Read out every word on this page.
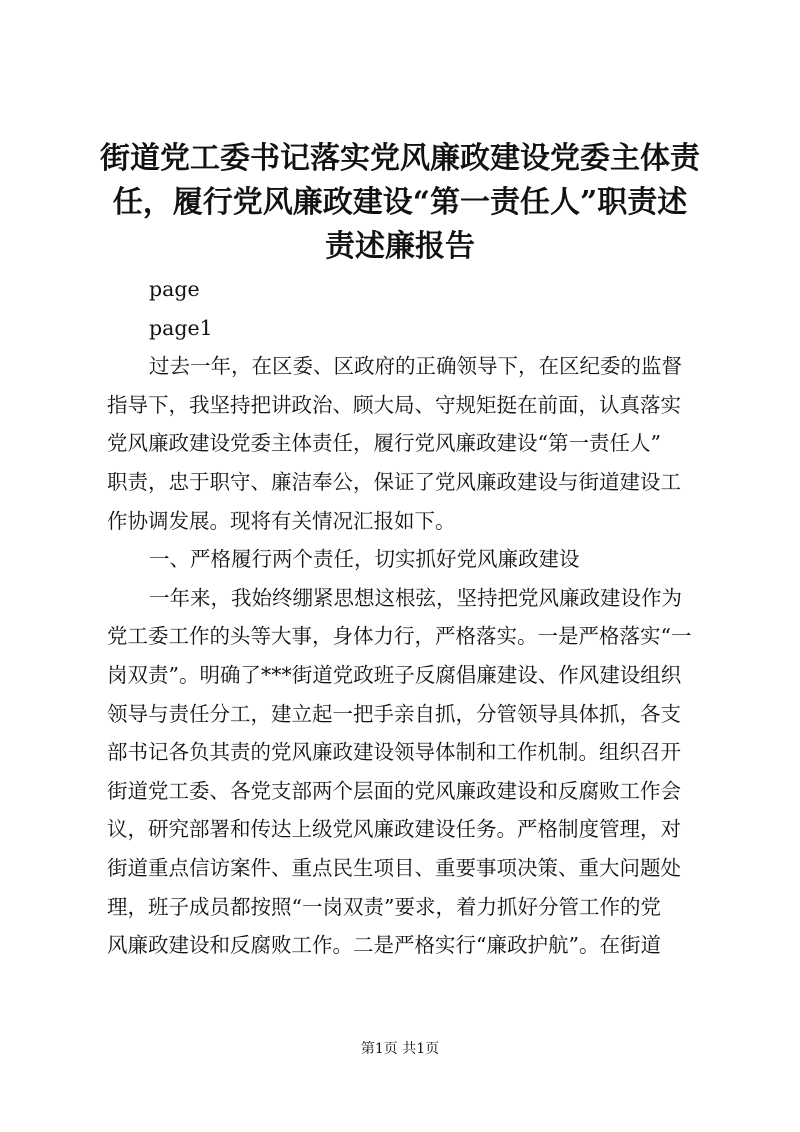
街道党工委书记落实党风廉政建设党委主体责
任，履行党风廉政建设“第一责任人”职责述
责述廉报告

page

page1

过去一年，在区委、区政府的正确领导下，在区纪委的监督
指导下，我坚持把讲政治、顾大局、守规矩挺在前面，认真落实
党风廉政建设党委主体责任，履行党风廉政建设“第一责任人”
职责，忠于职守、廉洁奉公，保证了党风廉政建设与街道建设工
作协调发展。现将有关情况汇报如下。

一、严格履行两个责任，切实抓好党风廉政建设

一年来，我始终绷紧思想这根弦，坚持把党风廉政建设作为
党工委工作的头等大事，身体力行，严格落实。一是严格落实“一
岗双责”。明确了***街道党政班子反腐倡廉建设、作风建设组织
领导与责任分工，建立起一把手亲自抓，分管领导具体抓，各支
部书记各负其责的党风廉政建设领导体制和工作机制。组织召开
街道党工委、各党支部两个层面的党风廉政建设和反腐败工作会
议，研究部署和传达上级党风廉政建设任务。严格制度管理，对
街道重点信访案件、重点民生项目、重要事项决策、重大问题处
理，班子成员都按照“一岗双责”要求，着力抓好分管工作的党
风廉政建设和反腐败工作。二是严格实行“廉政护航”。在街道

第1页 共1页
